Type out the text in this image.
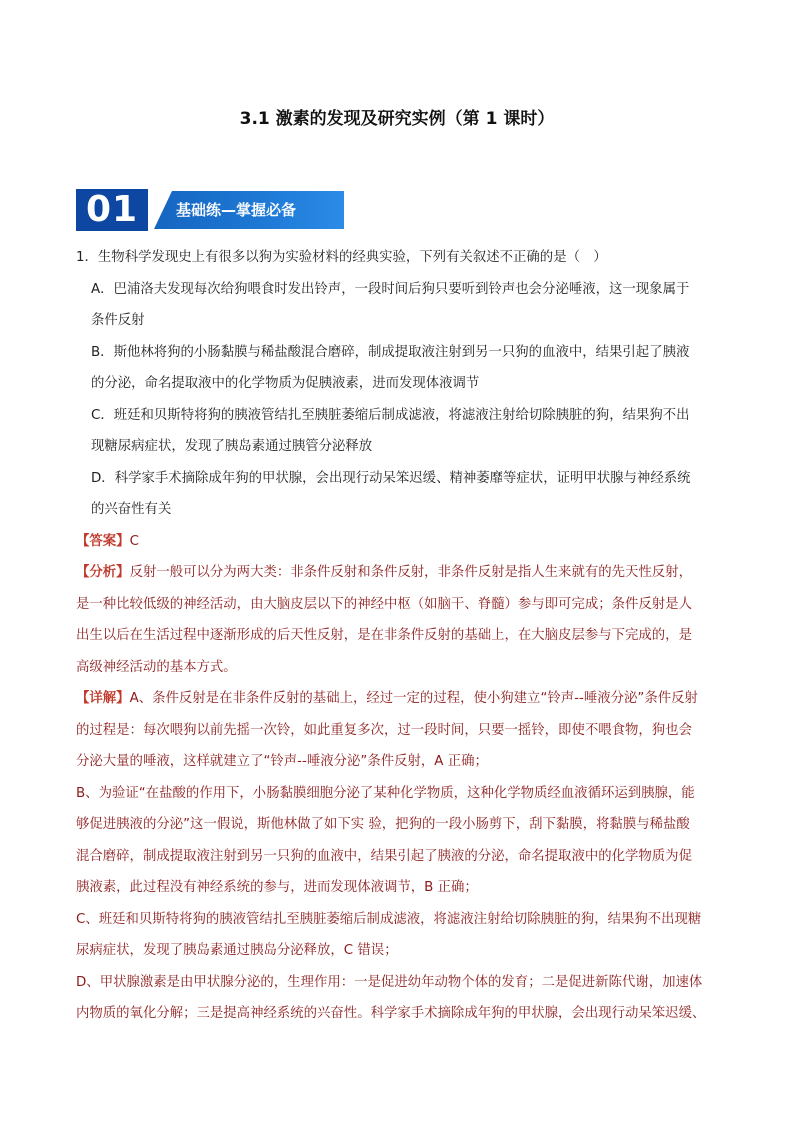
3.1 激素的发现及研究实例（第 1 课时）
01	基础练—掌握必备

1．生物科学发现史上有很多以狗为实验材料的经典实验，下列有关叙述不正确的是（　）

A．巴浦洛夫发现每次给狗喂食时发出铃声，一段时间后狗只要听到铃声也会分泌唾液，这一现象属于

条件反射

B．斯他林将狗的小肠黏膜与稀盐酸混合磨碎，制成提取液注射到另一只狗的血液中，结果引起了胰液

的分泌，命名提取液中的化学物质为促胰液素，进而发现体液调节

C．班廷和贝斯特将狗的胰液管结扎至胰脏萎缩后制成滤液，将滤液注射给切除胰脏的狗，结果狗不出

现糖尿病症状，发现了胰岛素通过胰管分泌释放

D．科学家手术摘除成年狗的甲状腺，会出现行动呆笨迟缓、精神萎靡等症状，证明甲状腺与神经系统

的兴奋性有关

【答案】C

【分析】反射一般可以分为两大类：非条件反射和条件反射，非条件反射是指人生来就有的先天性反射，

是一种比较低级的神经活动，由大脑皮层以下的神经中枢（如脑干、脊髓）参与即可完成；条件反射是人

出生以后在生活过程中逐渐形成的后天性反射，是在非条件反射的基础上，在大脑皮层参与下完成的，是

高级神经活动的基本方式。

【详解】A、条件反射是在非条件反射的基础上，经过一定的过程，使小狗建立“铃声--唾液分泌”条件反射

的过程是：每次喂狗以前先摇一次铃，如此重复多次，过一段时间，只要一摇铃，即使不喂食物，狗也会

分泌大量的唾液，这样就建立了“铃声--唾液分泌”条件反射，A 正确；

B、为验证“在盐酸的作用下，小肠黏膜细胞分泌了某种化学物质，这种化学物质经血液循环运到胰腺，能

够促进胰液的分泌”这一假说，斯他林做了如下实 验，把狗的一段小肠剪下，刮下黏膜，将黏膜与稀盐酸

混合磨碎，制成提取液注射到另一只狗的血液中，结果引起了胰液的分泌，命名提取液中的化学物质为促

胰液素，此过程没有神经系统的参与，进而发现体液调节，B 正确；

C、班廷和贝斯特将狗的胰液管结扎至胰脏萎缩后制成滤液，将滤液注射给切除胰脏的狗，结果狗不出现糖

尿病症状，发现了胰岛素通过胰岛分泌释放，C 错误；

D、甲状腺激素是由甲状腺分泌的，生理作用：一是促进幼年动物个体的发育；二是促进新陈代谢，加速体

内物质的氧化分解；三是提高神经系统的兴奋性。科学家手术摘除成年狗的甲状腺，会出现行动呆笨迟缓、
